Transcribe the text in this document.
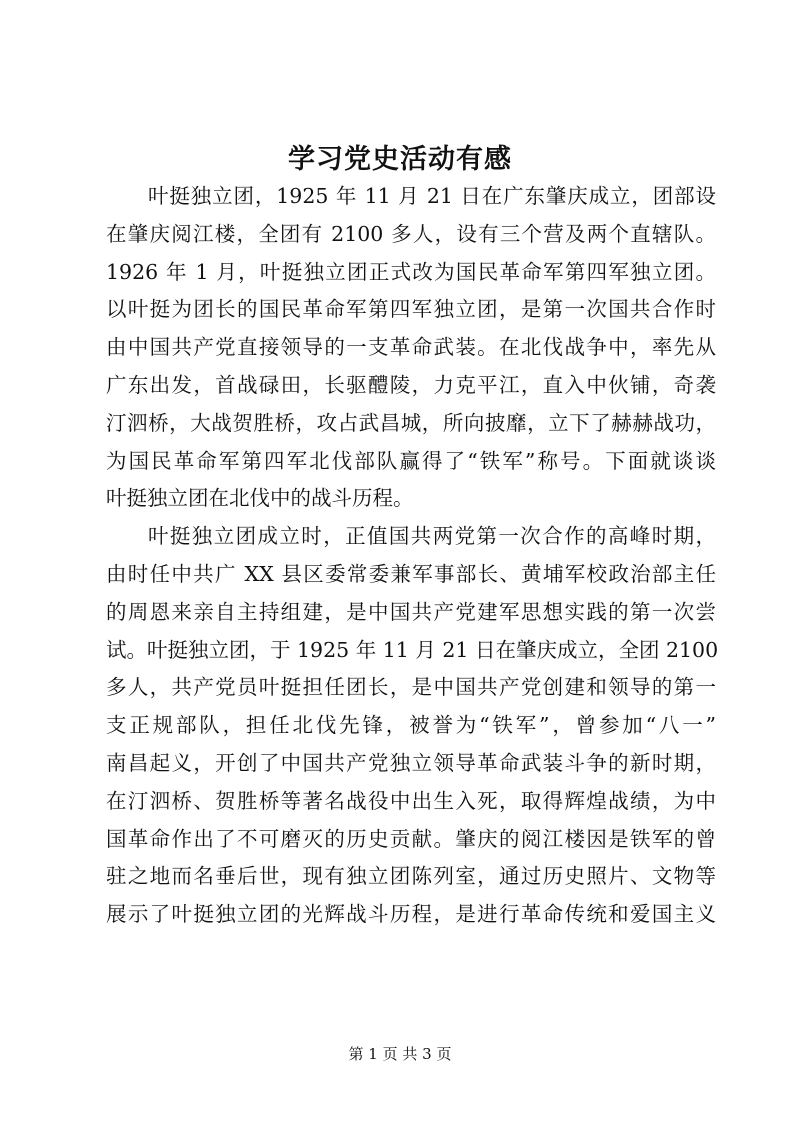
学习党史活动有感
叶挺独立团，1925 年 11 月 21 日在广东肇庆成立，团部设
在肇庆阅江楼，全团有 2100 多人，设有三个营及两个直辖队。
1926 年 1 月，叶挺独立团正式改为国民革命军第四军独立团。
以叶挺为团长的国民革命军第四军独立团，是第一次国共合作时
由中国共产党直接领导的一支革命武装。在北伐战争中，率先从
广东出发，首战碌田，长驱醴陵，力克平江，直入中伙铺，奇袭
汀泗桥，大战贺胜桥，攻占武昌城，所向披靡，立下了赫赫战功，
为国民革命军第四军北伐部队赢得了“铁军”称号。下面就谈谈
叶挺独立团在北伐中的战斗历程。
叶挺独立团成立时，正值国共两党第一次合作的高峰时期，
由时任中共广 XX 县区委常委兼军事部长、黄埔军校政治部主任
的周恩来亲自主持组建，是中国共产党建军思想实践的第一次尝
试。叶挺独立团，于 1925 年 11 月 21 日在肇庆成立，全团 2100
多人，共产党员叶挺担任团长，是中国共产党创建和领导的第一
支正规部队，担任北伐先锋，被誉为“铁军”，曾参加“八一”
南昌起义，开创了中国共产党独立领导革命武装斗争的新时期，
在汀泗桥、贺胜桥等著名战役中出生入死，取得辉煌战绩，为中
国革命作出了不可磨灭的历史贡献。肇庆的阅江楼因是铁军的曾
驻之地而名垂后世，现有独立团陈列室，通过历史照片、文物等
展示了叶挺独立团的光辉战斗历程，是进行革命传统和爱国主义
第 1 页 共 3 页
